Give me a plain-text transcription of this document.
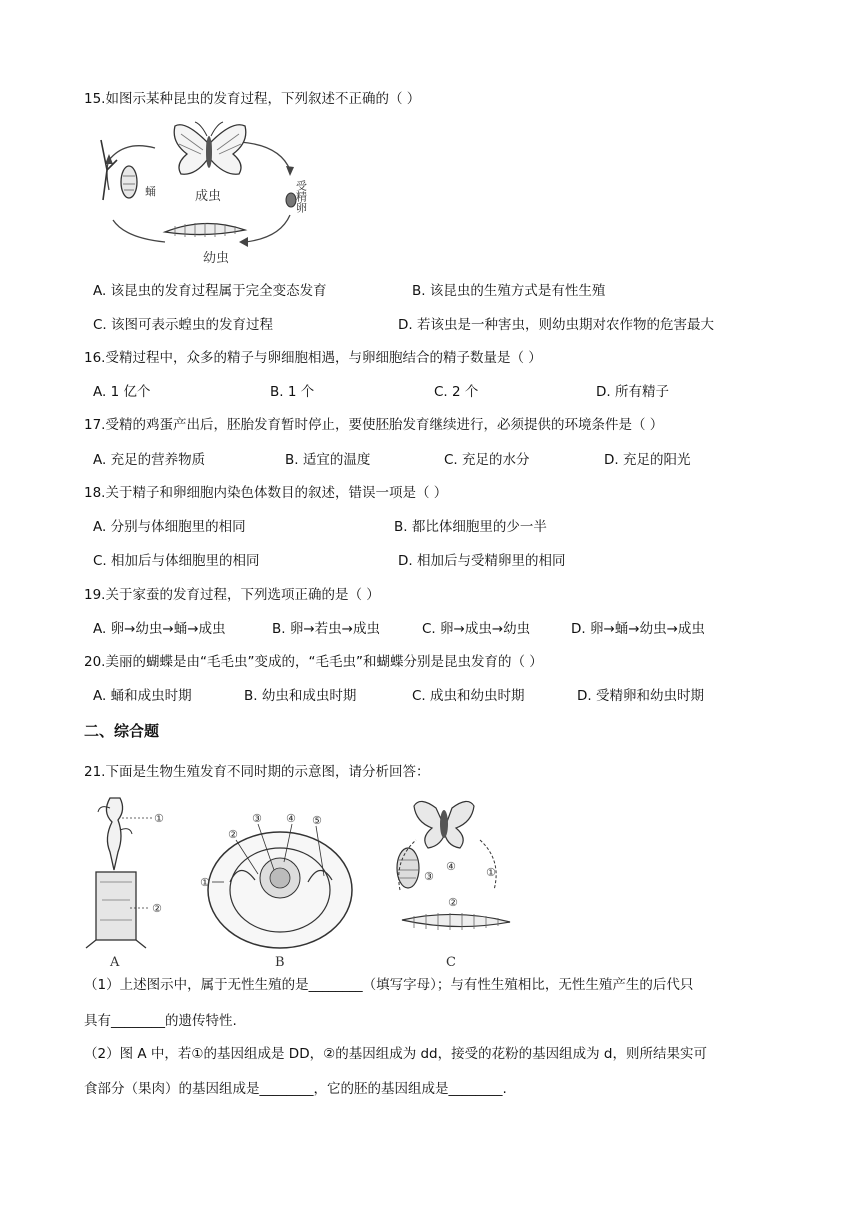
15.如图示某种昆虫的发育过程，下列叙述不正确的（ ）
成虫
蛹	受精卵
幼虫
A. 该昆虫的发育过程属于完全变态发育	B. 该昆虫的生殖方式是有性生殖
C. 该图可表示蝗虫的发育过程	D. 若该虫是一种害虫，则幼虫期对农作物的危害最大
16.受精过程中，众多的精子与卵细胞相遇，与卵细胞结合的精子数量是（ ）
A. 1 亿个	B. 1 个	C. 2 个	D. 所有精子
17.受精的鸡蛋产出后，胚胎发育暂时停止，要使胚胎发育继续进行，必须提供的环境条件是（ ）
A. 充足的营养物质	B. 适宜的温度	C. 充足的水分	D. 充足的阳光
18.关于精子和卵细胞内染色体数目的叙述，错误一项是（ ）
A. 分别与体细胞里的相同	B. 都比体细胞里的少一半
C. 相加后与体细胞里的相同	D. 相加后与受精卵里的相同
19.关于家蚕的发育过程，下列选项正确的是（ ）
A. 卵→幼虫→蛹→成虫	B. 卵→若虫→成虫	C. 卵→成虫→幼虫	D. 卵→蛹→幼虫→成虫
20.美丽的蝴蝶是由“毛毛虫”变成的，“毛毛虫”和蝴蝶分别是昆虫发育的（ ）
A. 蛹和成虫时期	B. 幼虫和成虫时期	C. 成虫和幼虫时期	D. 受精卵和幼虫时期
二、综合题
21.下面是生物生殖发育不同时期的示意图，请分析回答：
①
②
A
②
③ ④ ⑤
①
B
①
②
③
④
C
（1）上述图示中，属于无性生殖的是________（填写字母）；与有性生殖相比，无性生殖产生的后代只
具有________的遗传特性.
（2）图 A 中，若①的基因组成是 DD，②的基因组成为 dd，接受的花粉的基因组成为 d，则所结果实可
食部分（果肉）的基因组成是________，它的胚的基因组成是________.
